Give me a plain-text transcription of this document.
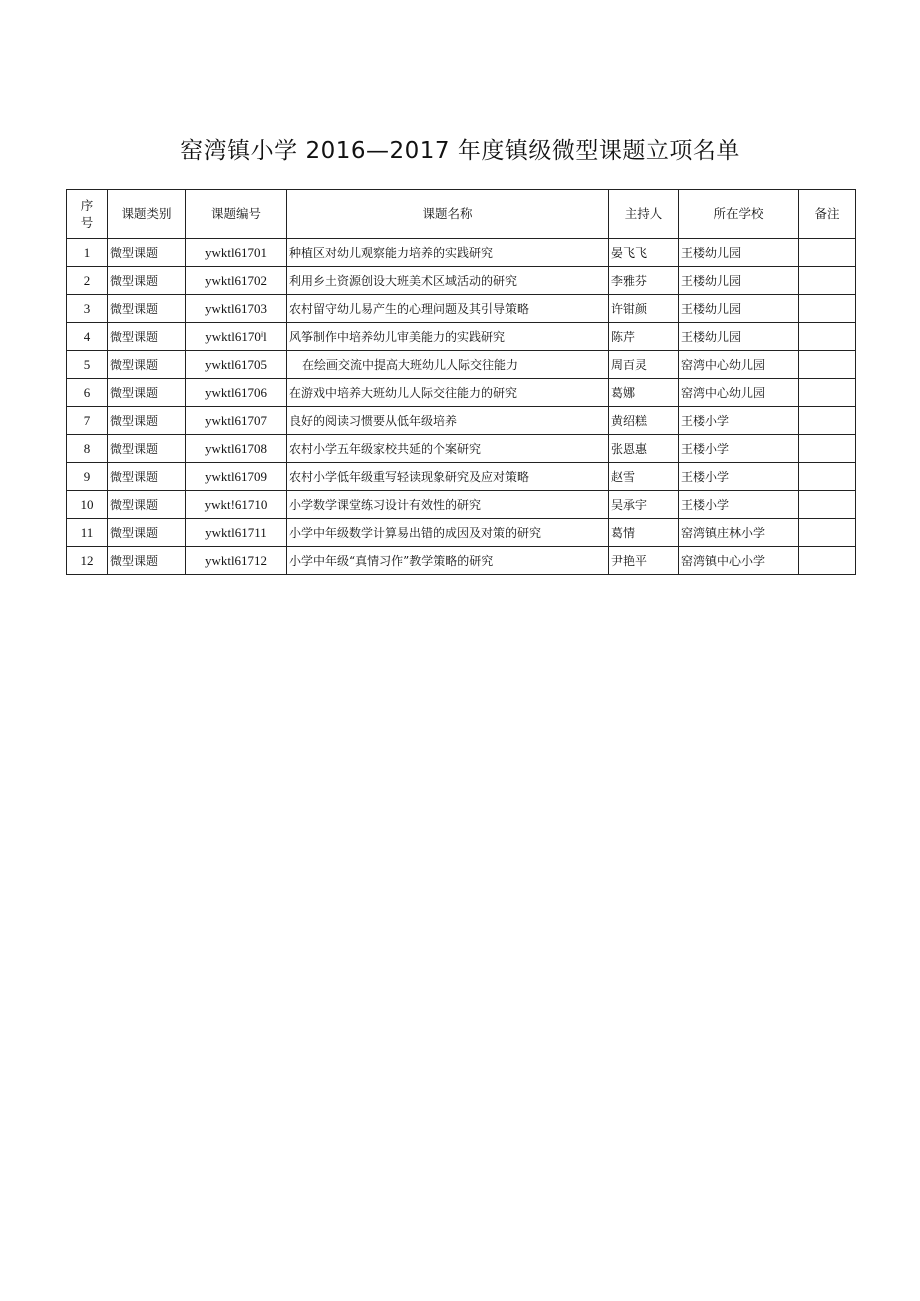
窑湾镇小学 2016—2017 年度镇级微型课题立项名单
序
号	课题类别	课题编号	课题名称	主持人	所在学校	备注
1	微型课题	ywktl61701	种植区对幼儿观察能力培养的实践研究	晏飞飞	王楼幼儿园	
2	微型课题	ywktl61702	利用乡土资源创设大班美术区域活动的研究	李雅芬	王楼幼儿园	
3	微型课题	ywktl61703	农村留守幼儿易产生的心理问题及其引导策略	许钳颜	王楼幼儿园	
4	微型课题	ywktl6170ⁱl	风筝制作中培养幼儿审美能力的实践研究	陈芹	王楼幼儿园	
5	微型课题	ywktl61705	在绘画交流中提高大班幼儿人际交往能力	周百灵	窑湾中心幼儿园	
6	微型课题	ywktl61706	在游戏中培养大班幼儿人际交往能力的研究	葛娜	窑湾中心幼儿园	
7	微型课题	ywktl61707	良好的阅读习惯要从低年级培养	黄绍糕	王楼小学	
8	微型课题	ywktl61708	农村小学五年级家校共延的个案研究	张恩惠	王楼小学	
9	微型课题	ywktl61709	农村小学低年级重写轻读现象研究及应对策略	赵雪	王楼小学	
10	微型课题	ywkt!61710	小学数学课堂练习设计有效性的研究	吴承宇	王楼小学	
11	微型课题	ywktl61711	小学中年级数学计算易出错的成因及对策的研究	葛情	窑湾镇庄林小学	
12	微型课题	ywktl61712	小学中年级“真情习作”教学策略的研究	尹艳平	窑湾镇中心小学	
